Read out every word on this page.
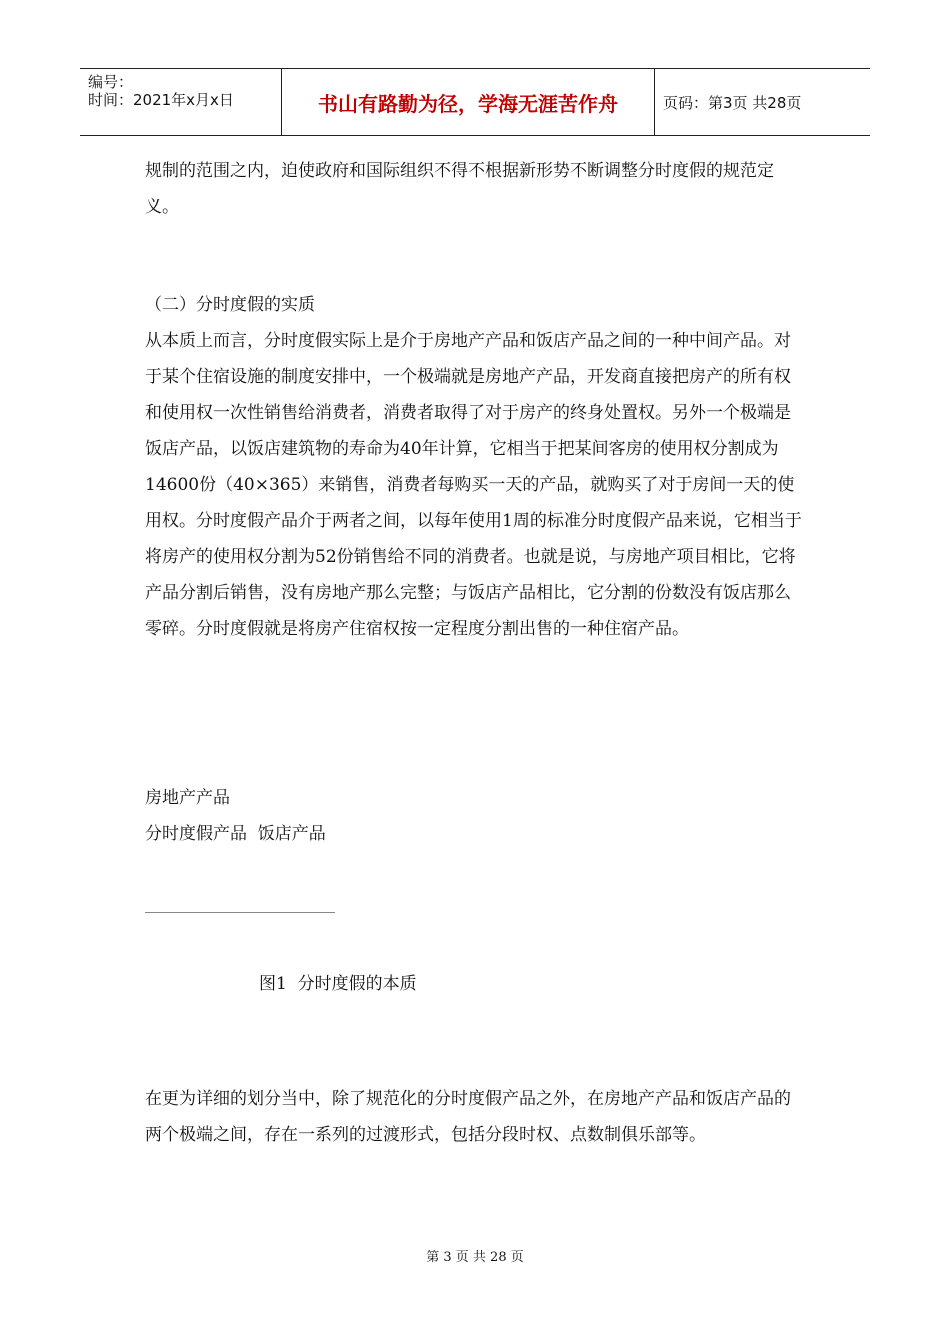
编号：
时间：2021年x月x日	书山有路勤为径，学海无涯苦作舟	页码：第3页 共28页

规制的范围之内，迫使政府和国际组织不得不根据新形势不断调整分时度假的规范定义。

（二）分时度假的实质

从本质上而言，分时度假实际上是介于房地产产品和饭店产品之间的一种中间产品。对于某个住宿设施的制度安排中，一个极端就是房地产产品，开发商直接把房产的所有权和使用权一次性销售给消费者，消费者取得了对于房产的终身处置权。另外一个极端是饭店产品，以饭店建筑物的寿命为40年计算，它相当于把某间客房的使用权分割成为14600份（40×365）来销售，消费者每购买一天的产品，就购买了对于房间一天的使用权。分时度假产品介于两者之间，以每年使用1周的标准分时度假产品来说，它相当于将房产的使用权分割为52份销售给不同的消费者。也就是说，与房地产项目相比，它将产品分割后销售，没有房地产那么完整；与饭店产品相比，它分割的份数没有饭店那么零碎。分时度假就是将房产住宿权按一定程度分割出售的一种住宿产品。

房地产产品
分时度假产品  饭店产品
图1  分时度假的本质

在更为详细的划分当中，除了规范化的分时度假产品之外，在房地产产品和饭店产品的两个极端之间，存在一系列的过渡形式，包括分段时权、点数制俱乐部等。

第 3 页 共 28 页
